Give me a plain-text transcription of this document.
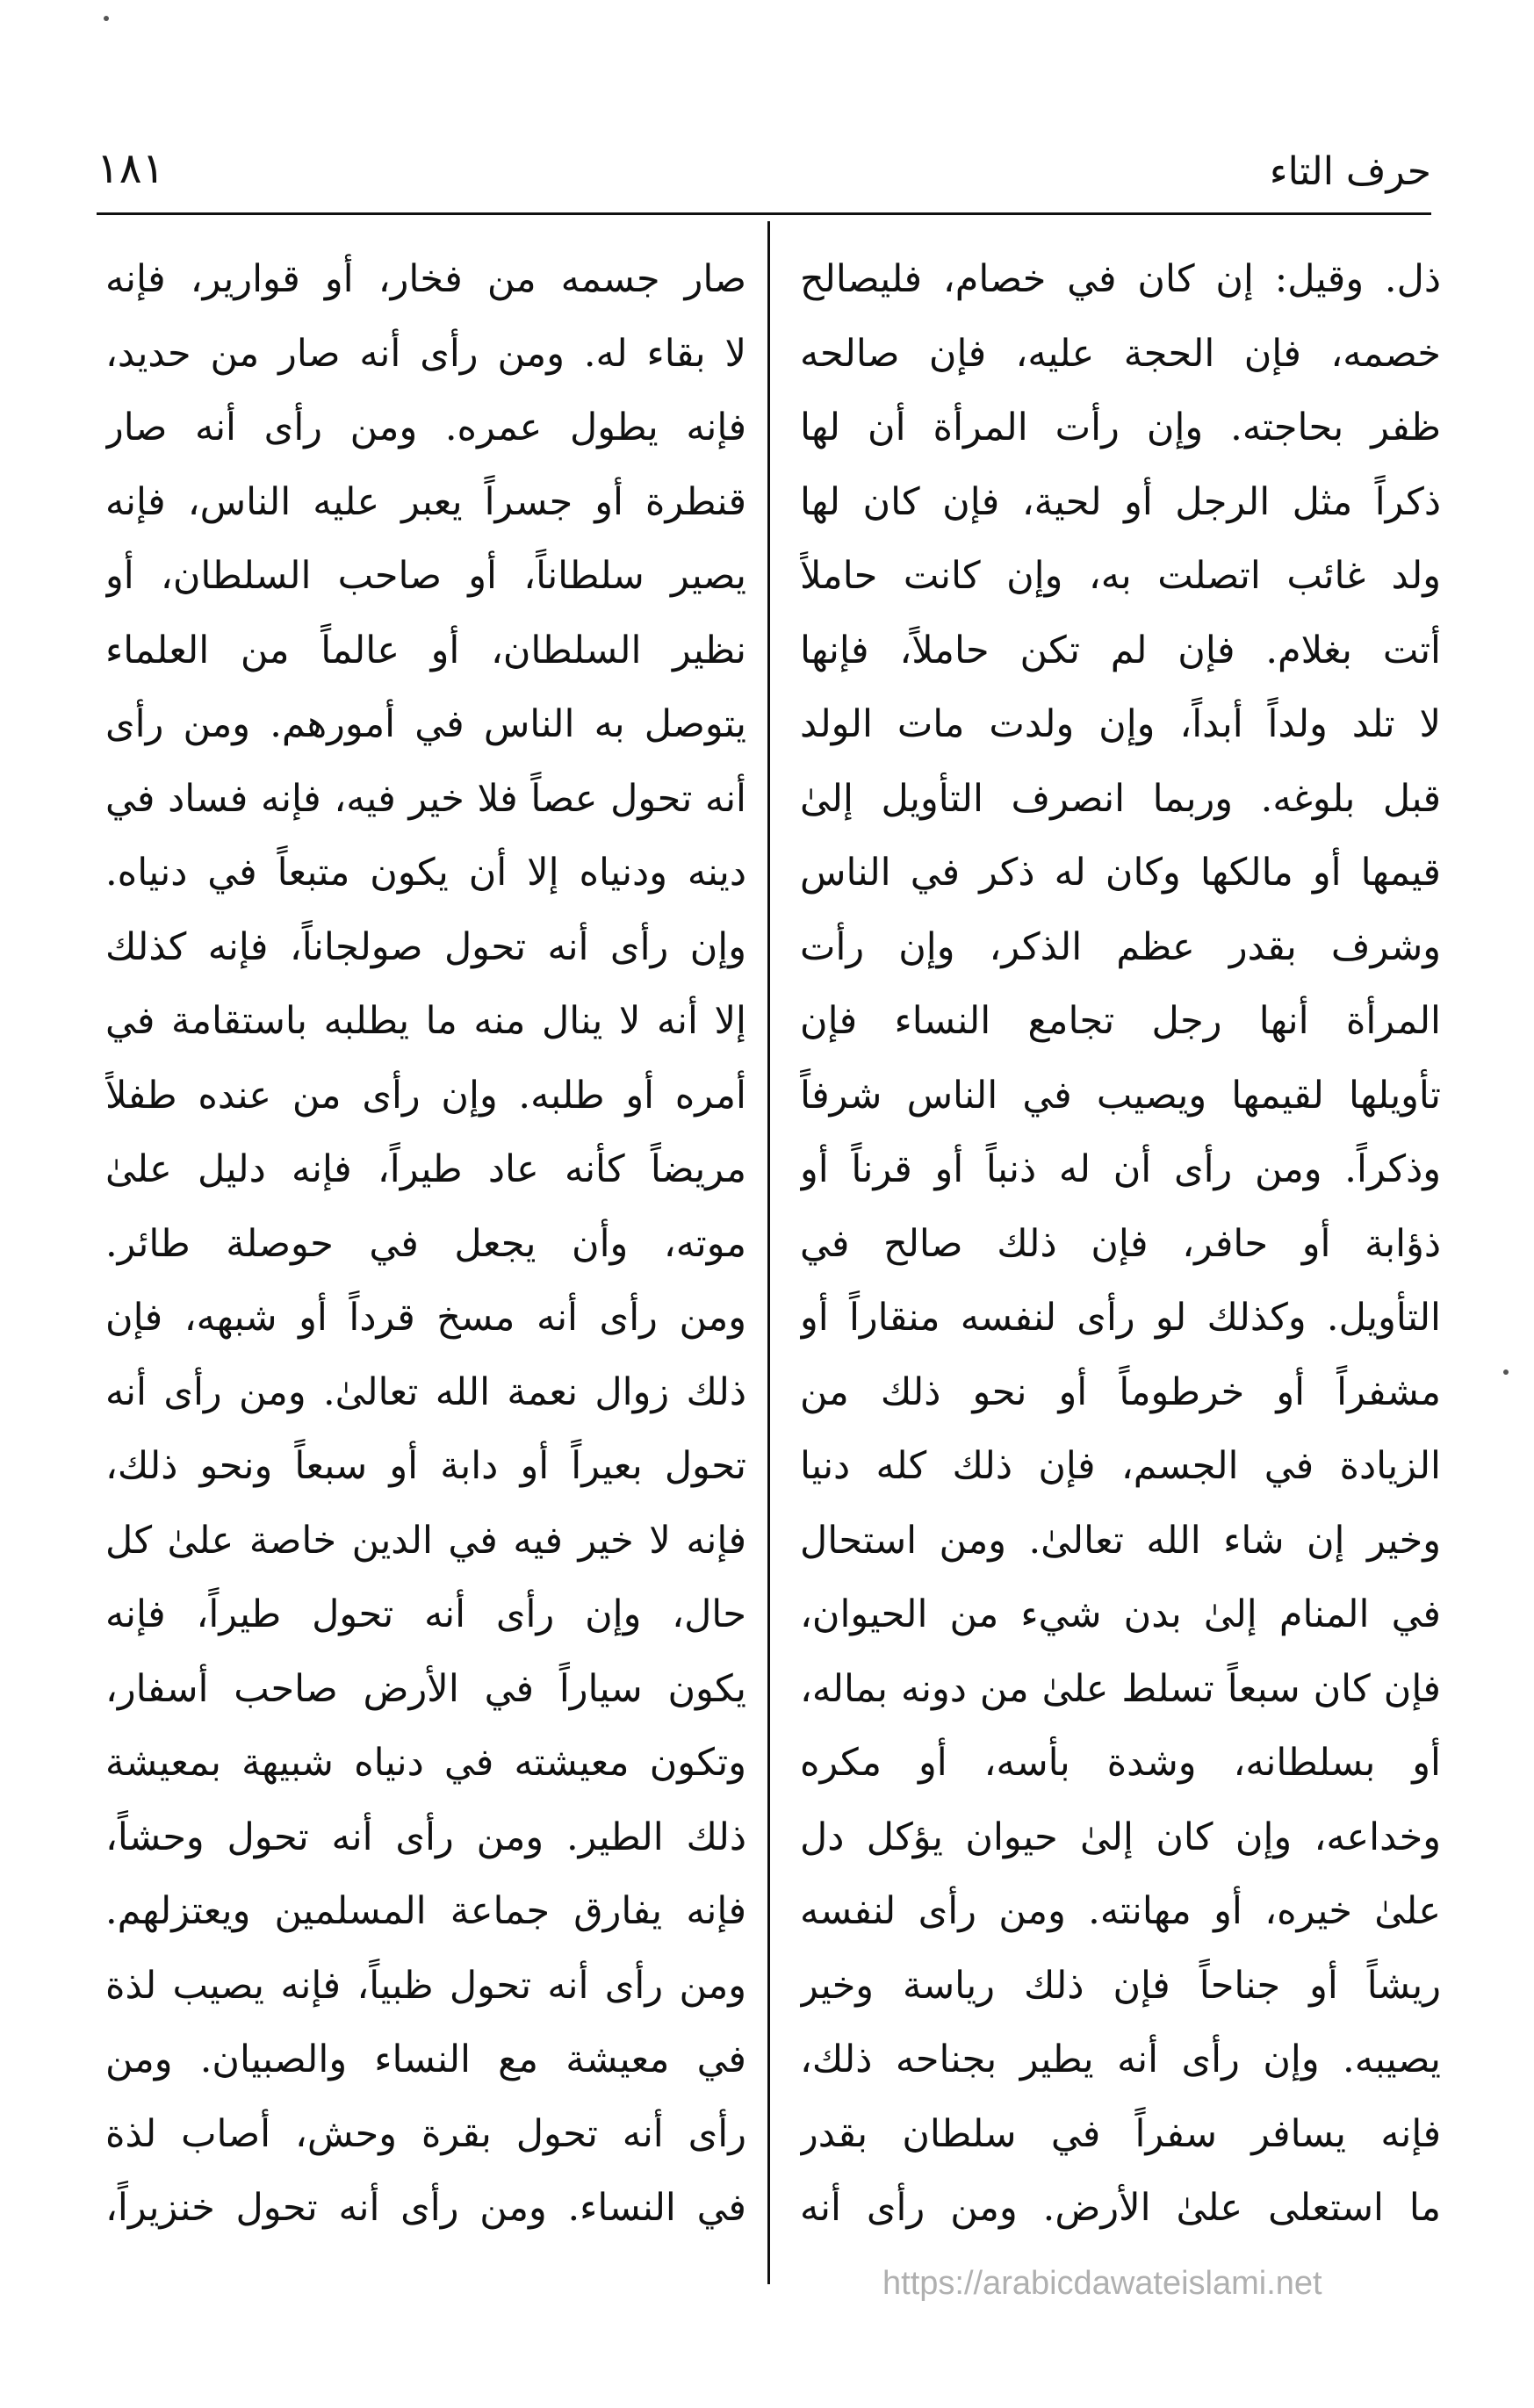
حرف التاء
١٨١
ذل. وقيل: إن كان في خصام، فليصالح
خصمه، فإن الحجة عليه، فإن صالحه
ظفر بحاجته. وإن رأت المرأة أن لها
ذكراً مثل الرجل أو لحية، فإن كان لها
ولد غائب اتصلت به، وإن كانت حاملاً
أتت بغلام. فإن لم تكن حاملاً، فإنها
لا تلد ولداً أبداً، وإن ولدت مات الولد
قبل بلوغه. وربما انصرف التأويل إلىٰ
قيمها أو مالكها وكان له ذكر في الناس
وشرف بقدر عظم الذكر، وإن رأت
المرأة أنها رجل تجامع النساء فإن
تأويلها لقيمها ويصيب في الناس شرفاً
وذكراً. ومن رأى أن له ذنباً أو قرناً أو
ذؤابة أو حافر، فإن ذلك صالح في
التأويل. وكذلك لو رأى لنفسه منقاراً أو
مشفراً أو خرطوماً أو نحو ذلك من
الزيادة في الجسم، فإن ذلك كله دنيا
وخير إن شاء الله تعالىٰ. ومن استحال
في المنام إلىٰ بدن شيء من الحيوان،
فإن كان سبعاً تسلط علىٰ من دونه بماله،
أو بسلطانه، وشدة بأسه، أو مكره
وخداعه، وإن كان إلىٰ حيوان يؤكل دل
علىٰ خيره، أو مهانته. ومن رأى لنفسه
ريشاً أو جناحاً فإن ذلك رياسة وخير
يصيبه. وإن رأى أنه يطير بجناحه ذلك،
فإنه يسافر سفراً في سلطان بقدر
ما استعلى علىٰ الأرض. ومن رأى أنه
صار جسمه من فخار، أو قوارير، فإنه
لا بقاء له. ومن رأى أنه صار من حديد،
فإنه يطول عمره. ومن رأى أنه صار
قنطرة أو جسراً يعبر عليه الناس، فإنه
يصير سلطاناً، أو صاحب السلطان، أو
نظير السلطان، أو عالماً من العلماء
يتوصل به الناس في أمورهم. ومن رأى
أنه تحول عصاً فلا خير فيه، فإنه فساد في
دينه ودنياه إلا أن يكون متبعاً في دنياه.
وإن رأى أنه تحول صولجاناً، فإنه كذلك
إلا أنه لا ينال منه ما يطلبه باستقامة في
أمره أو طلبه. وإن رأى من عنده طفلاً
مريضاً كأنه عاد طيراً، فإنه دليل علىٰ
موته، وأن يجعل في حوصلة طائر.
ومن رأى أنه مسخ قرداً أو شبهه، فإن
ذلك زوال نعمة الله تعالىٰ. ومن رأى أنه
تحول بعيراً أو دابة أو سبعاً ونحو ذلك،
فإنه لا خير فيه في الدين خاصة علىٰ كل
حال، وإن رأى أنه تحول طيراً، فإنه
يكون سياراً في الأرض صاحب أسفار،
وتكون معيشته في دنياه شبيهة بمعيشة
ذلك الطير. ومن رأى أنه تحول وحشاً،
فإنه يفارق جماعة المسلمين ويعتزلهم.
ومن رأى أنه تحول ظبياً، فإنه يصيب لذة
في معيشة مع النساء والصبيان. ومن
رأى أنه تحول بقرة وحش، أصاب لذة
في النساء. ومن رأى أنه تحول خنزيراً،
https://arabicdawateislami.net
